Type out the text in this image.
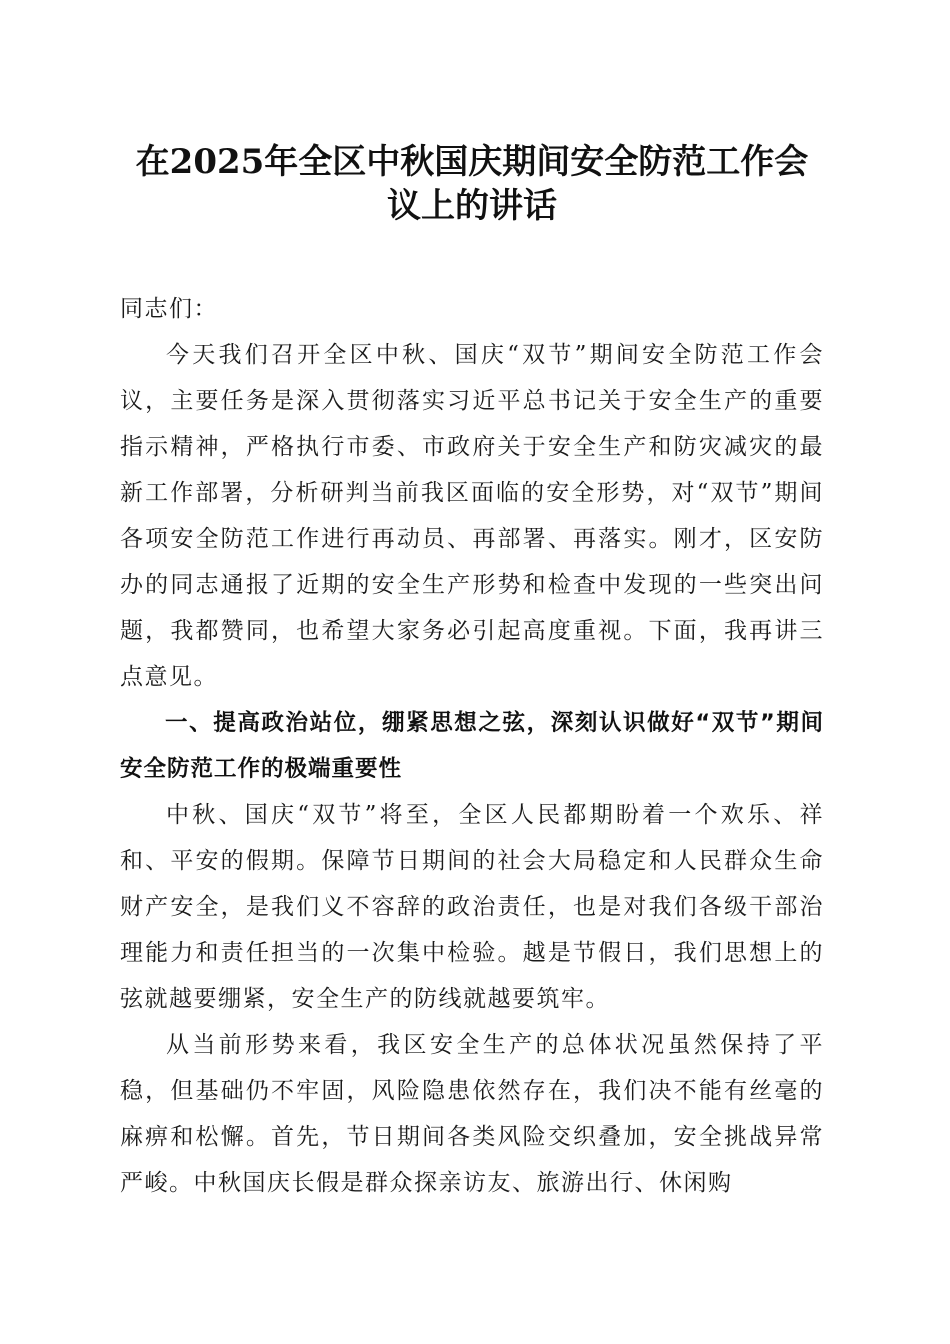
在2025年全区中秋国庆期间安全防范工作会
议上的讲话

同志们：

今天我们召开全区中秋、国庆“双节”期间安全防范工作会议，主要任务是深入贯彻落实习近平总书记关于安全生产的重要指示精神，严格执行市委、市政府关于安全生产和防灾减灾的最新工作部署，分析研判当前我区面临的安全形势，对“双节”期间各项安全防范工作进行再动员、再部署、再落实。刚才，区安防办的同志通报了近期的安全生产形势和检查中发现的一些突出问题，我都赞同，也希望大家务必引起高度重视。下面，我再讲三点意见。

一、提高政治站位，绷紧思想之弦，深刻认识做好“双节”期间安全防范工作的极端重要性

中秋、国庆“双节”将至，全区人民都期盼着一个欢乐、祥和、平安的假期。保障节日期间的社会大局稳定和人民群众生命财产安全，是我们义不容辞的政治责任，也是对我们各级干部治理能力和责任担当的一次集中检验。越是节假日，我们思想上的弦就越要绷紧，安全生产的防线就越要筑牢。

从当前形势来看，我区安全生产的总体状况虽然保持了平稳，但基础仍不牢固，风险隐患依然存在，我们决不能有丝毫的麻痹和松懈。首先，节日期间各类风险交织叠加，安全挑战异常严峻。中秋国庆长假是群众探亲访友、旅游出行、休闲购
